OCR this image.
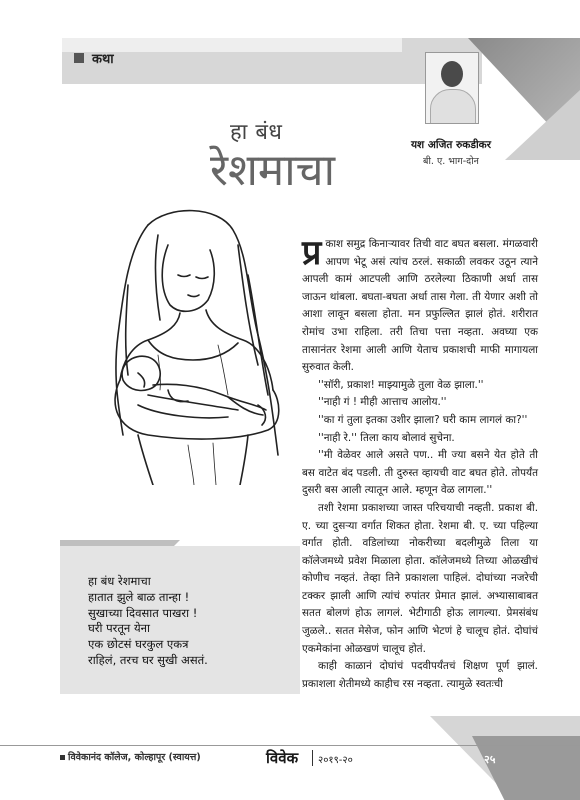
कथा
यश अजित रुकडीकर
बी. ए. भाग-दोन
हा बंध
रेशमाचा
हा बंध रेशमाचा
हातात झुले बाळ तान्हा !
सुखाच्या दिवसात पाखरा !
घरी परतून येना
एक छोटसं घरकुल एकत्र
राहिलं, तरच घर सुखी असतं.

प्र काश समुद्र किनाऱ्यावर तिची वाट बघत बसला. मंगळवारी आपण भेटू असं त्यांच ठरलं. सकाळी लवकर उठून त्याने आपली कामं आटपली आणि ठरलेल्या ठिकाणी अर्धा तास जाऊन थांबला. बघता-बघता अर्धा तास गेला. ती येणार अशी तो आशा लावून बसला होता. मन प्रफुल्लित झालं होतं. शरीरात रोमांच उभा राहिला. तरी तिचा पत्ता नव्हता. अवघ्या एक तासानंतर रेशमा आली आणि येताच प्रकाशची माफी मागायला सुरुवात केली.

''सॉरी, प्रकाश! माझ्यामुळे तुला वेळ झाला.''

''नाही गं ! मीही आत्ताच आलोय.''

''का गं तुला इतका उशीर झाला? घरी काम लागलं का?''

''नाही रे.'' तिला काय बोलावं सुचेना.

''मी वेळेवर आले असते पण.. मी ज्या बसने येत होते ती बस वाटेत बंद पडली. ती दुरुस्त व्हायची वाट बघत होते. तोपर्यंत दुसरी बस आली त्यातून आले. म्हणून वेळ लागला.''

तशी रेशमा प्रकाशच्या जास्त परिचयाची नव्हती. प्रकाश बी. ए. च्या दुसऱ्या वर्गात शिकत होता. रेशमा बी. ए. च्या पहिल्या वर्गात होती. वडिलांच्या नोकरीच्या बदलीमुळे तिला या कॉलेजमध्ये प्रवेश मिळाला होता. कॉलेजमध्ये तिच्या ओळखीचं कोणीच नव्हतं. तेव्हा तिने प्रकाशला पाहिलं. दोघांच्या नजरेची टक्कर झाली आणि त्यांचं रुपांतर प्रेमात झालं. अभ्यासाबाबत सतत बोलणं होऊ लागलं. भेटीगाठी होऊ लागल्या. प्रेमसंबंध जुळले.. सतत मेसेज, फोन आणि भेटणं हे चालूच होतं. दोघांचं एकमेकांना ओळखणं चालूच होतं.

काही काळानं दोघांचं पदवीपर्यंतचं शिक्षण पूर्ण झालं. प्रकाशला शेतीमध्ये काहीच रस नव्हता. त्यामुळे स्वतःची

विवेकानंद कॉलेज, कोल्हापूर (स्वायत्त)	विवेक २०१९-२०	२५
